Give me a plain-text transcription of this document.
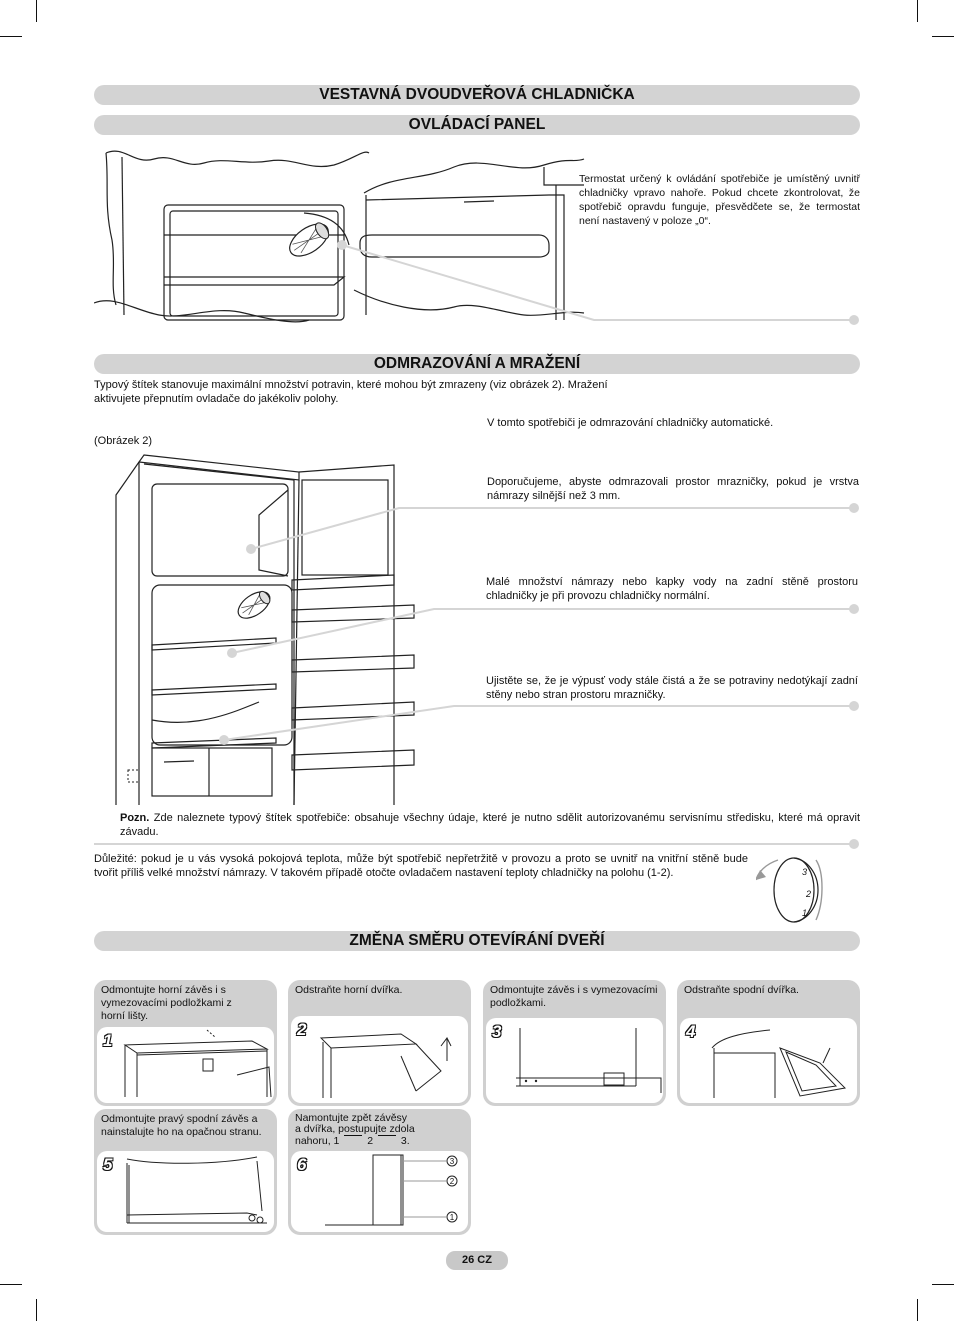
VESTAVNÁ DVOUDVEŘOVÁ CHLADNIČKA
OVLÁDACÍ PANEL
Termostat určený k ovládání spotřebiče je umístěný uvnitř chladničky vpravo nahoře. Pokud chcete zkontrolovat, že spotřebič opravdu funguje, přesvědčete se, že termostat není nastavený v poloze „0“.
ODMRAZOVÁNÍ A MRAŽENÍ
Typový štítek stanovuje maximální množství potravin, které mohou být zmrazeny (viz obrázek 2). Mražení aktivujete přepnutím ovladače do jakékoliv polohy.
V tomto spotřebiči je odmrazování chladničky automatické.
(Obrázek 2)
Doporučujeme, abyste odmrazovali prostor mrazničky, pokud je vrstva námrazy silnější než 3 mm.
Malé množství námrazy nebo kapky vody na zadní stěně prostoru chladničky je při provozu chladničky normální.
Ujistěte se, že je výpusť vody stále čistá a že se potraviny nedotýkají zadní stěny nebo stran prostoru mrazničky.
Pozn. Zde naleznete typový štítek spotřebiče: obsahuje všechny údaje, které je nutno sdělit autorizovanému servisnímu středisku, které má opravit závadu.
Důležité: pokud je u vás vysoká pokojová teplota, může být spotřebič nepřetržitě v provozu a proto se uvnitř na vnitřní stěně bude tvořit příliš velké množství námrazy. V takovém případě otočte ovladačem nastavení teploty chladničky na polohu (1-2).	3
2
1
ZMĚNA SMĚRU OTEVÍRÁNÍ DVEŘÍ
Odmontujte horní závěs i s vymezovacími podložkami z horní lišty.
1
Odstraňte horní dvířka.
2
Odmontujte závěs i s vymezovacími podložkami.
3
Odstraňte spodní dvířka.
4
Odmontujte pravý spodní závěs a nainstalujte ho na opačnou stranu.
5
Namontujte zpět závěsy
a dvířka, postupujte zdola
nahoru, 1	2	3.
6	3
2
1
26 CZ
